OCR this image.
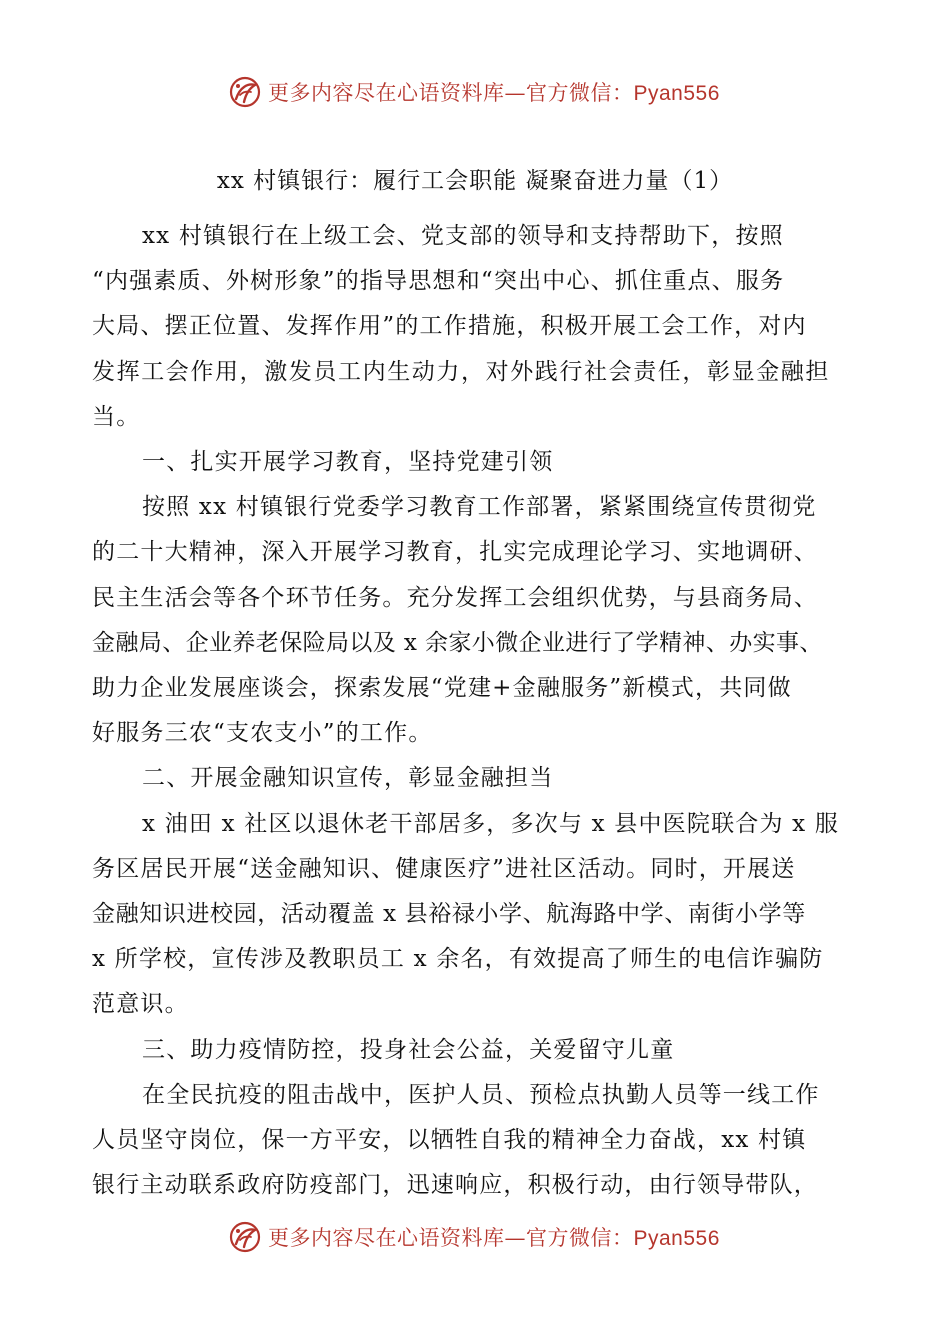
更多内容尽在心语资料库—官方微信：Pyan556
xx 村镇银行：履行工会职能 凝聚奋进力量（1）
xx 村镇银行在上级工会、党支部的领导和支持帮助下，按照
“内强素质、外树形象”的指导思想和“突出中心、抓住重点、服务
大局、摆正位置、发挥作用”的工作措施，积极开展工会工作，对内
发挥工会作用，激发员工内生动力，对外践行社会责任，彰显金融担
当。
一、扎实开展学习教育，坚持党建引领
按照 xx 村镇银行党委学习教育工作部署，紧紧围绕宣传贯彻党
的二十大精神，深入开展学习教育，扎实完成理论学习、实地调研、
民主生活会等各个环节任务。充分发挥工会组织优势，与县商务局、
金融局、企业养老保险局以及 x 余家小微企业进行了学精神、办实事、
助力企业发展座谈会，探索发展“党建+金融服务”新模式，共同做
好服务三农“支农支小”的工作。
二、开展金融知识宣传，彰显金融担当
x 油田 x 社区以退休老干部居多，多次与 x 县中医院联合为 x 服
务区居民开展“送金融知识、健康医疗”进社区活动。同时，开展送
金融知识进校园，活动覆盖 x 县裕禄小学、航海路中学、南街小学等
x 所学校，宣传涉及教职员工 x 余名，有效提高了师生的电信诈骗防
范意识。
三、助力疫情防控，投身社会公益，关爱留守儿童
在全民抗疫的阻击战中，医护人员、预检点执勤人员等一线工作
人员坚守岗位，保一方平安，以牺牲自我的精神全力奋战，xx 村镇
银行主动联系政府防疫部门，迅速响应，积极行动，由行领导带队，
更多内容尽在心语资料库—官方微信：Pyan556
